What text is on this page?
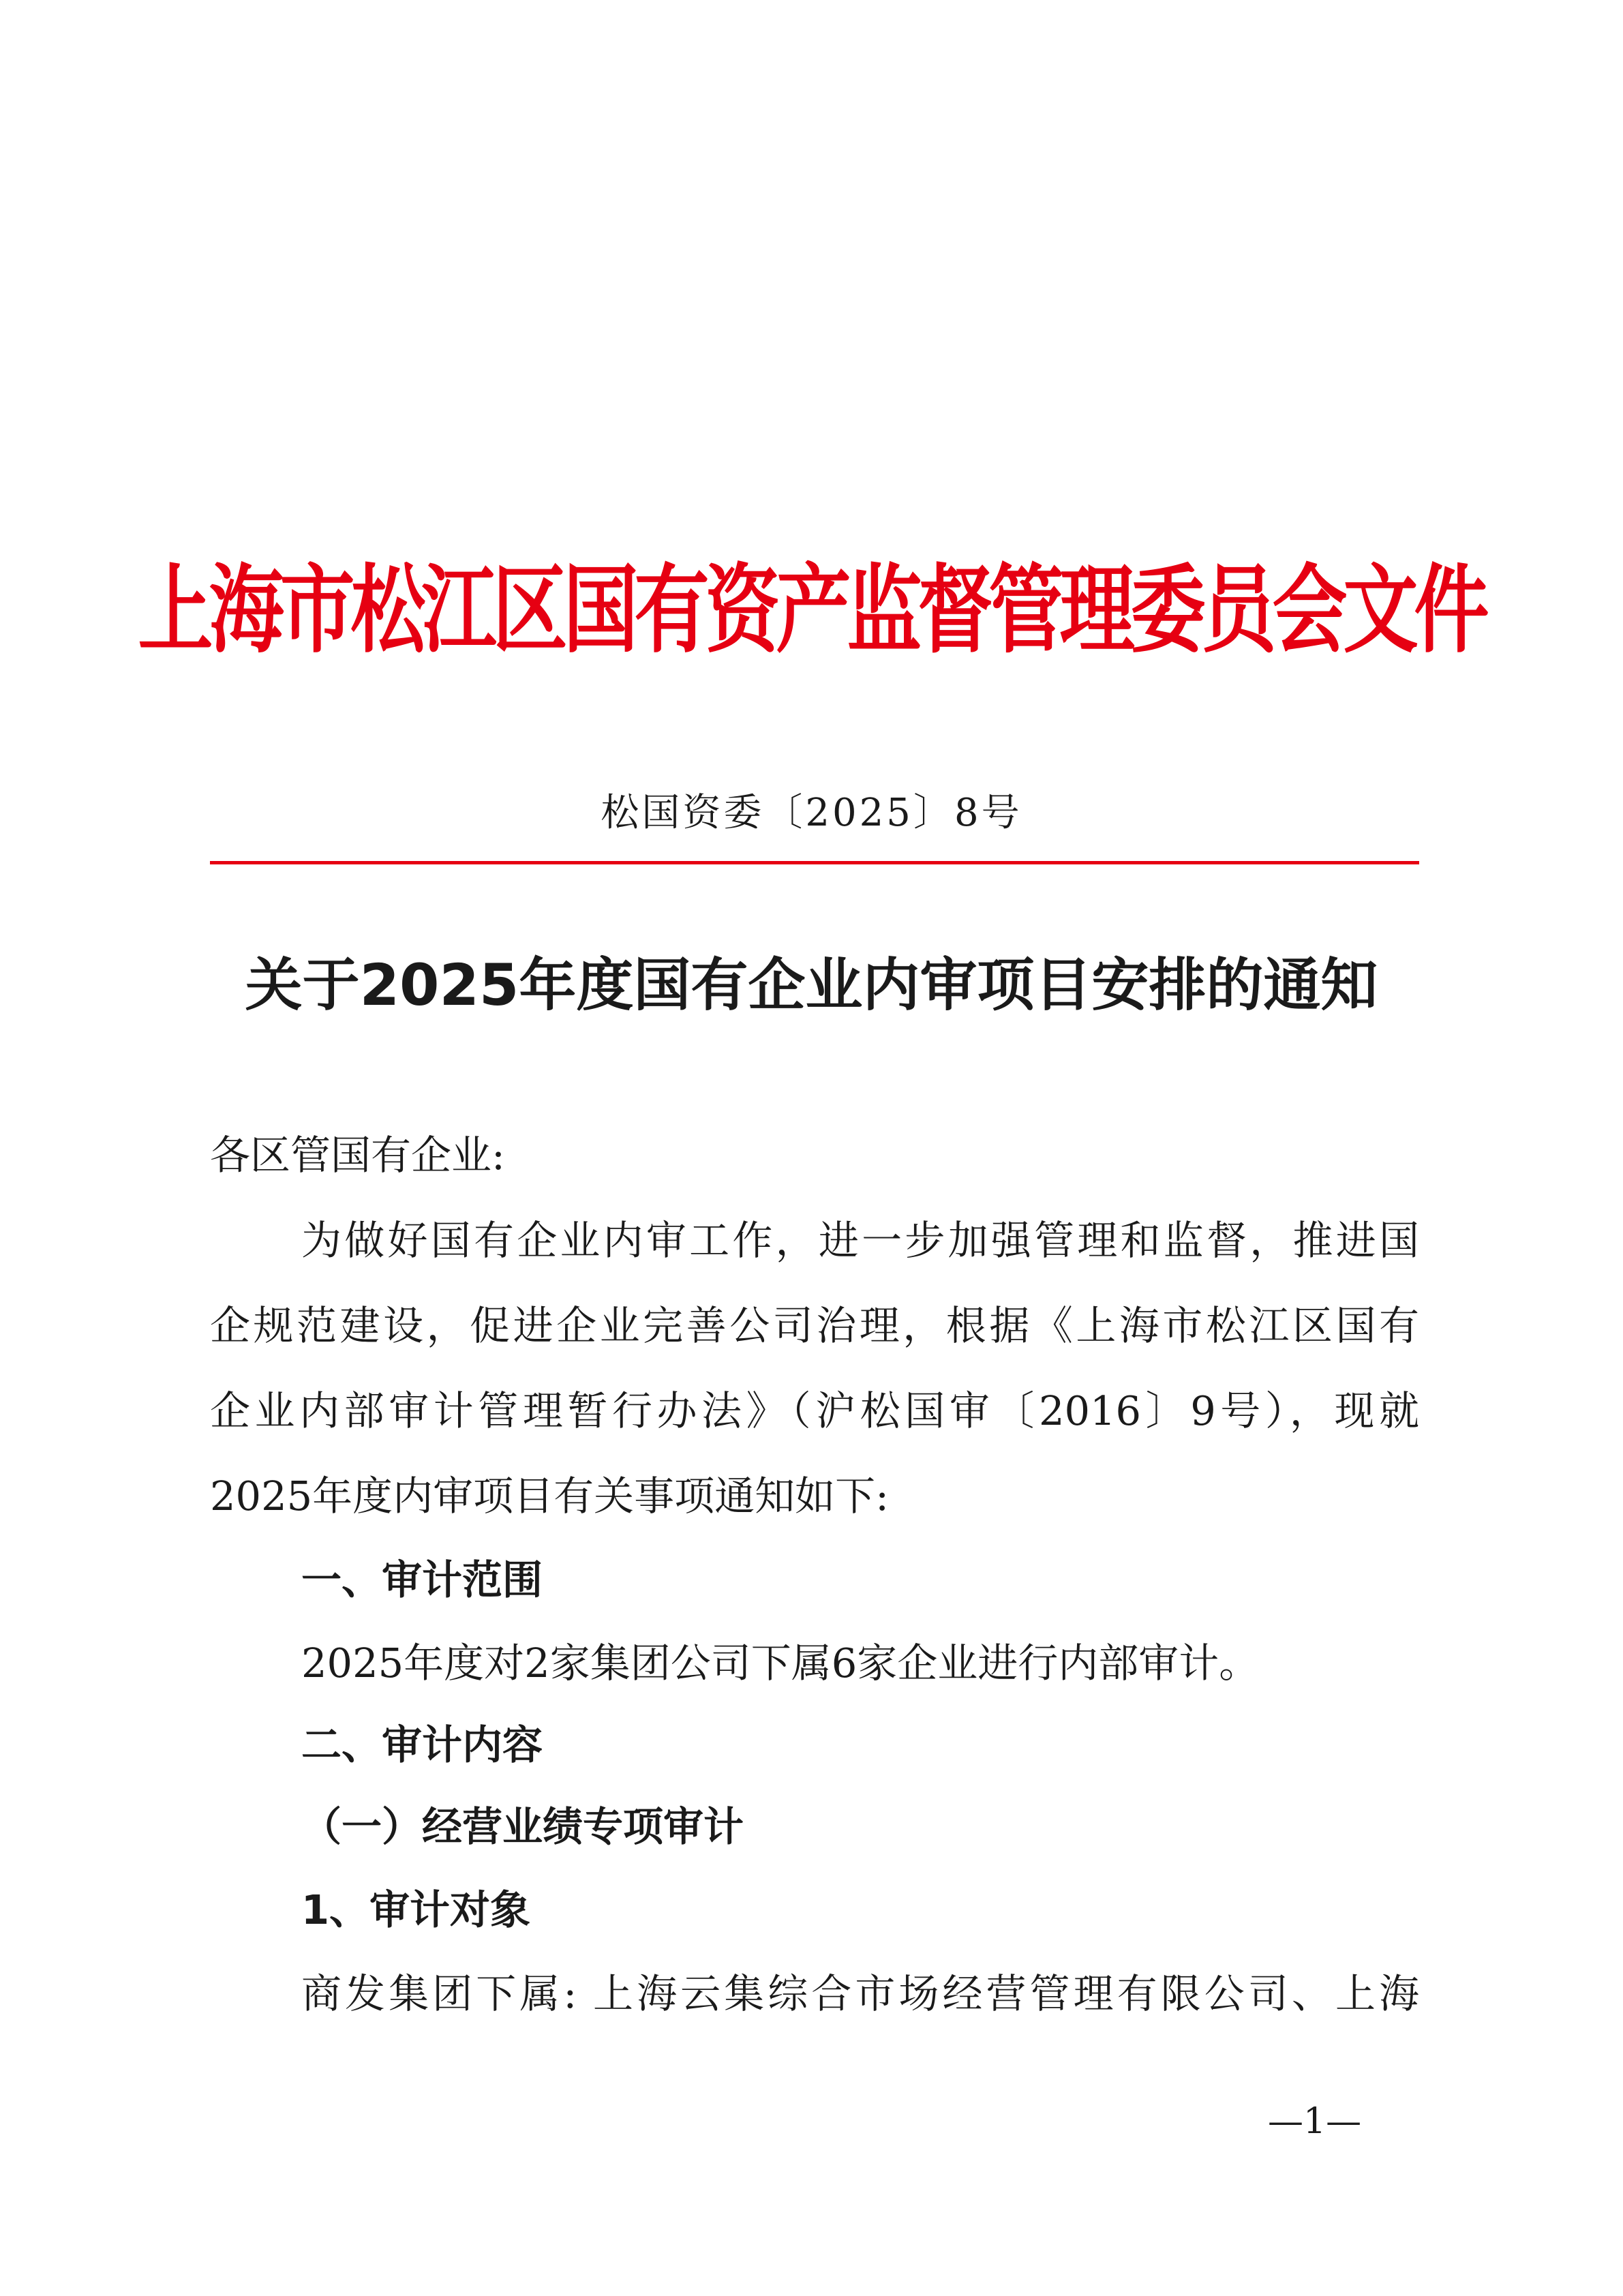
上海市松江区国有资产监督管理委员会文件

松国资委〔2025〕8号

关于2025年度国有企业内审项目安排的通知

各区管国有企业:

为做好国有企业内审工作，进一步加强管理和监督，推进国

企规范建设，促进企业完善公司治理，根据《上海市松江区国有

企业内部审计管理暂行办法》（沪松国审〔2016〕9号），现就

2025年度内审项目有关事项通知如下:

一、审计范围

2025年度对2家集团公司下属6家企业进行内部审计。

二、审计内容
（一）经营业绩专项审计
1、审计对象

商发集团下属: 上海云集综合市场经营管理有限公司、上海

—1—
